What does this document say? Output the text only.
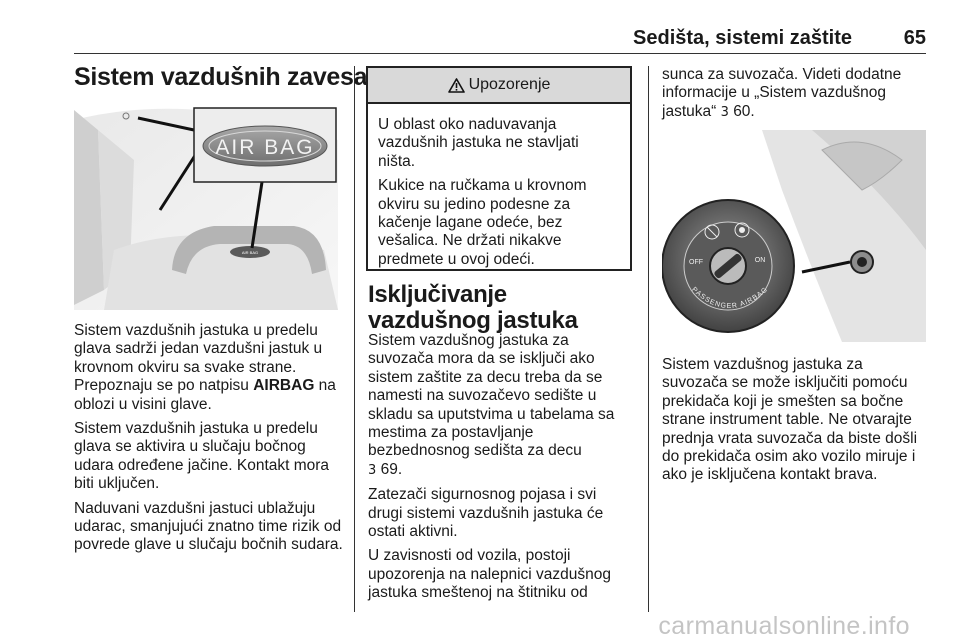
Sedišta, sistemi zaštite	65
Sistem vazdušnih zavesa
AIR BAG
AIR BAG

Sistem vazdušnih jastuka u predelu glava sadrži jedan vazdušni jastuk u krovnom okviru sa svake strane. Prepoznaju se po natpisu AIRBAG na oblozi u visini glave.

Sistem vazdušnih jastuka u predelu glava se aktivira u slučaju bočnog udara određene jačine. Kontakt mora biti uključen.

Naduvani vazdušni jastuci ublažuju udarac, smanjujući znatno time rizik od povrede glave u slučaju bočnih sudara.

Upozorenje

U oblast oko naduvavanja vazdušnih jastuka ne stavljati ništa.

Kukice na ručkama u krovnom okviru su jedino podesne za kačenje lagane odeće, bez vešalica. Ne držati nikakve predmete u ovoj odeći.

Isključivanje vazdušnog jastuka

Sistem vazdušnog jastuka za suvozača mora da se isključi ako sistem zaštite za decu treba da se namesti na suvozačevo sedište u skladu sa uputstvima u tabelama sa mestima za postavljanje bezbednosnog sedišta za decu
3 69.

Zatezači sigurnosnog pojasa i svi drugi sistemi vazdušnih jastuka će ostati aktivni.

U zavisnosti od vozila, postoji upozorenja na nalepnici vazdušnog jastuka smeštenoj na štitniku od

sunca za suvozača. Videti dodatne informacije u „Sistem vazdušnog jastuka“ 3 60.

OFF	ON
PASSENGER AIRBAG

Sistem vazdušnog jastuka za suvozača se može isključiti pomoću prekidača koji je smešten sa bočne strane instrument table. Ne otvarajte prednja vrata suvozača da biste došli do prekidača osim ako vozilo miruje i ako je isključena kontakt brava.

carmanualsonline.info
